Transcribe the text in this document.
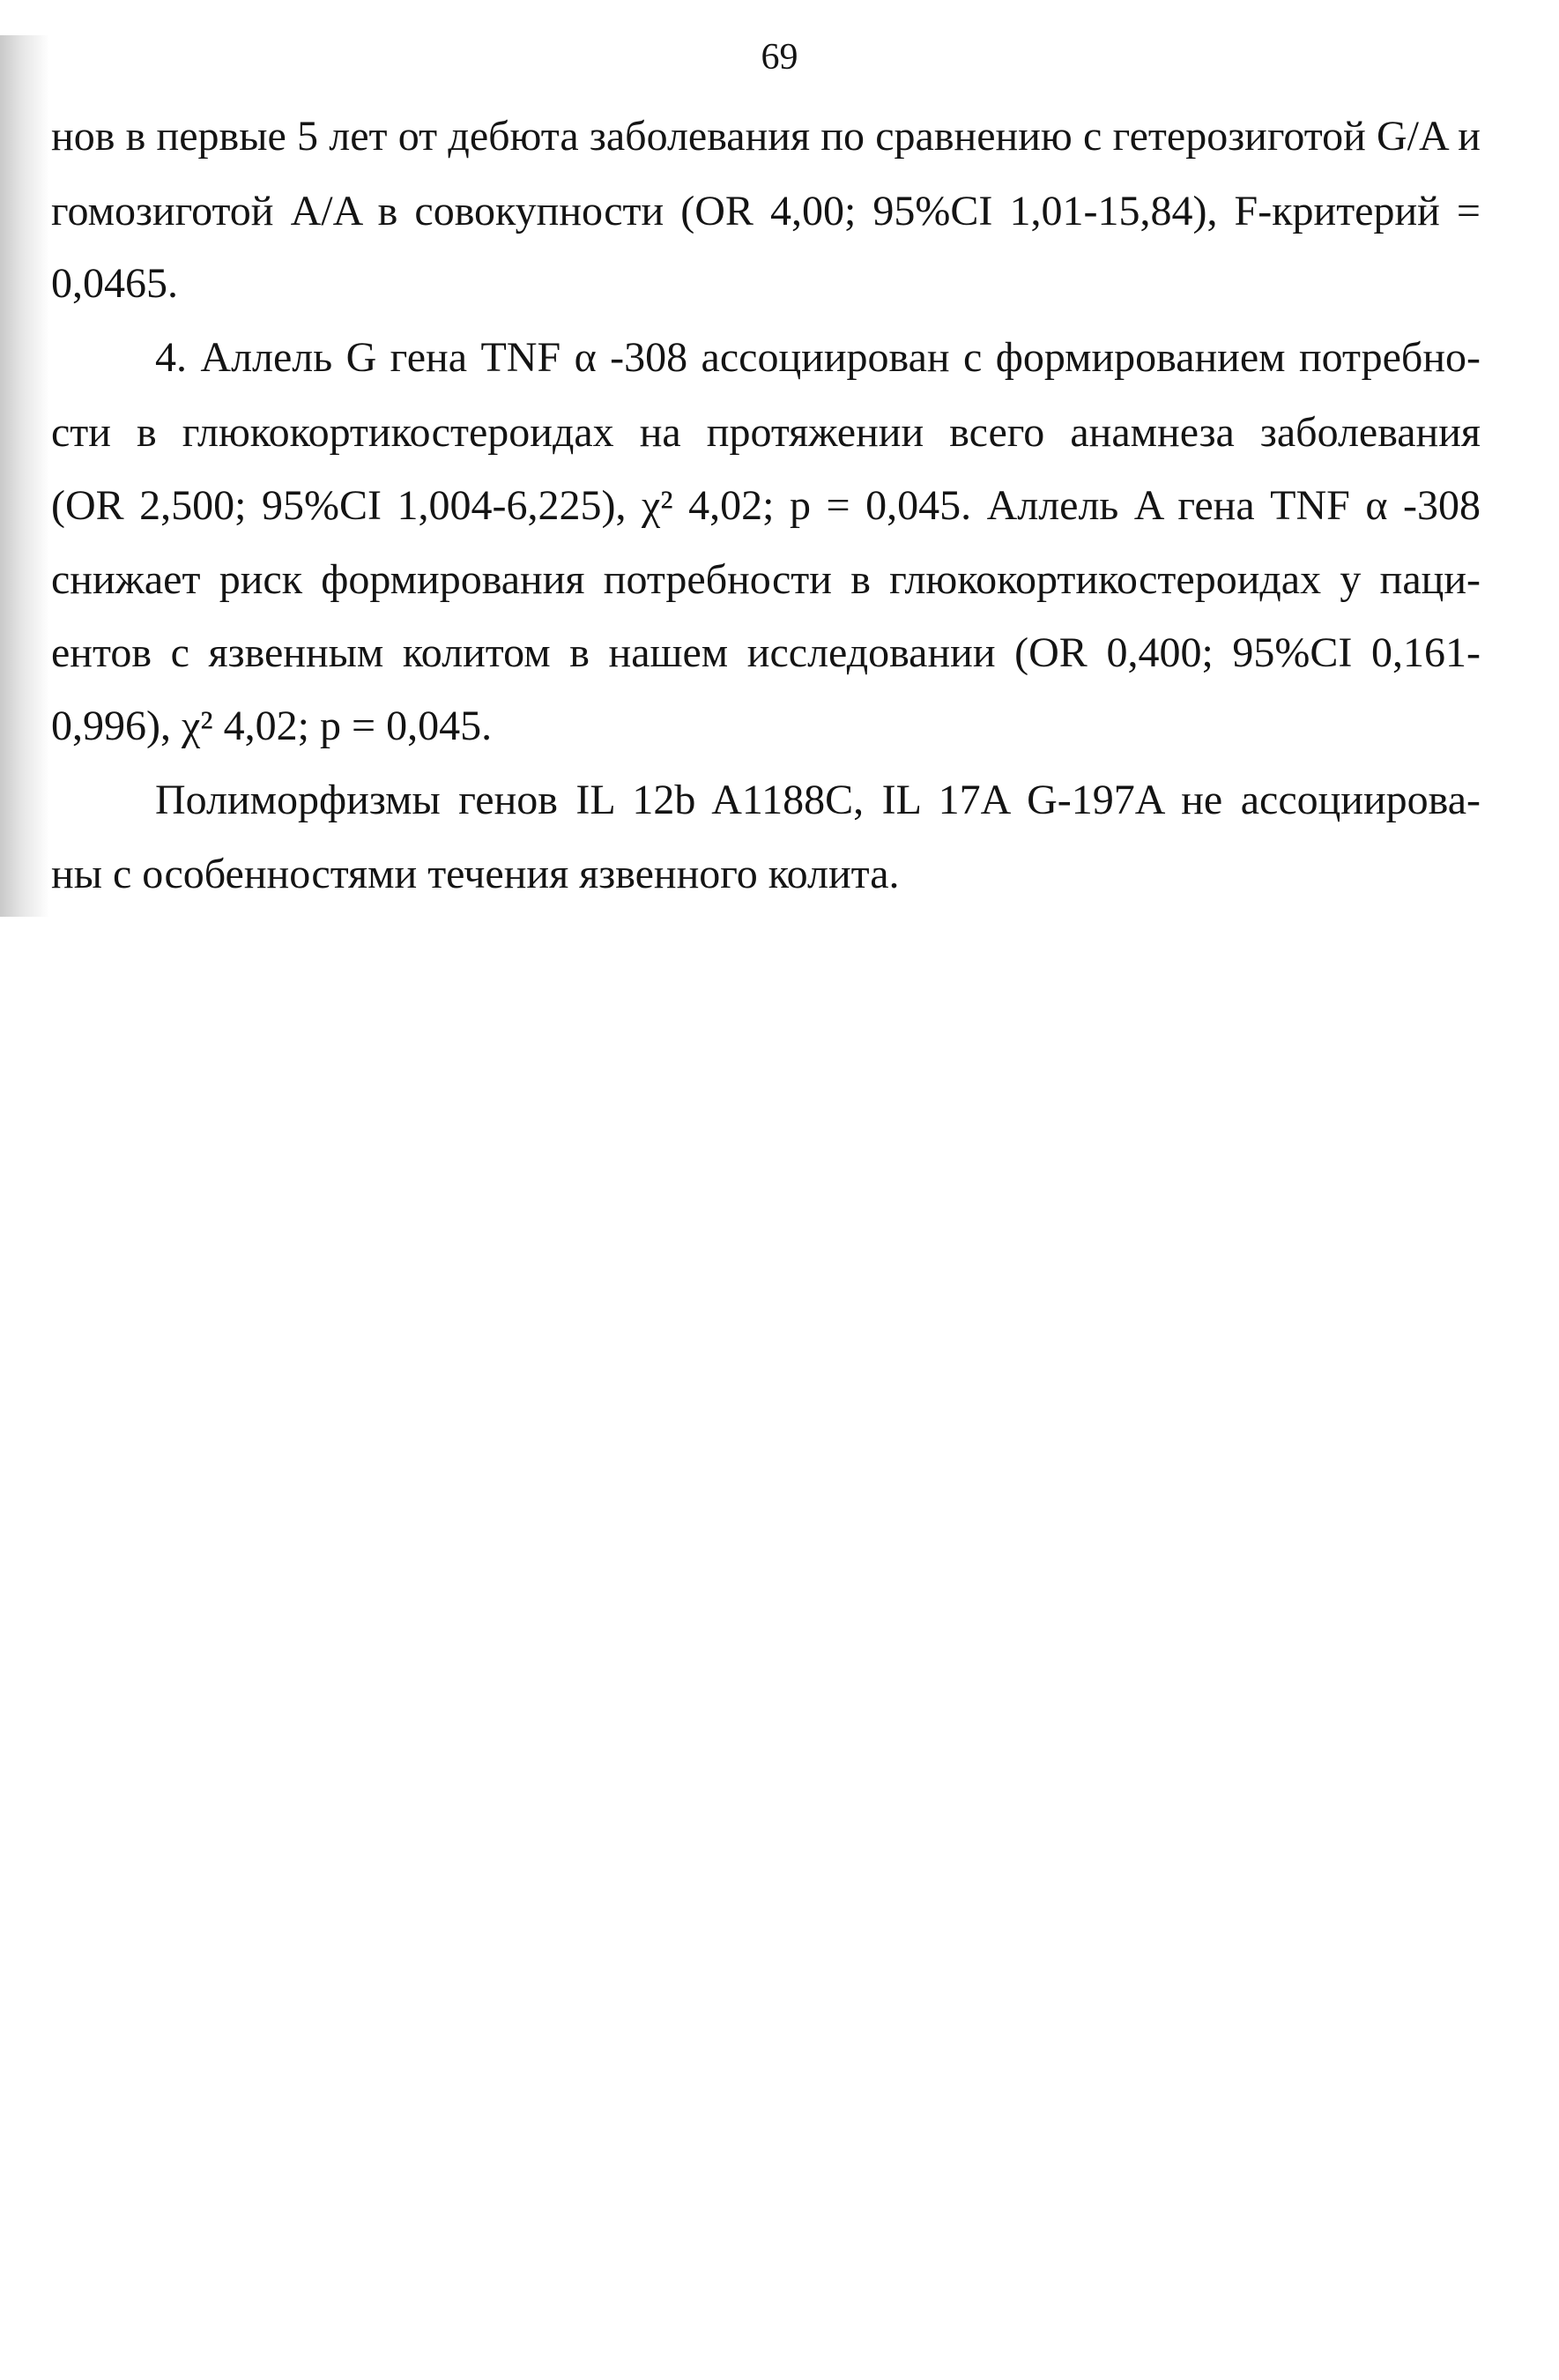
69
нов в первые 5 лет от дебюта заболевания по сравнению с гетерозиготой G/A и
гомозиготой A/A в совокупности (OR 4,00; 95%CI 1,01-15,84), F-критерий =
0,0465.
4. Аллель G гена TNF α -308 ассоциирован с формированием потребно-
сти в глюкокортикостероидах на протяжении всего анамнеза заболевания
(OR 2,500; 95%CI 1,004-6,225), χ² 4,02; p = 0,045. Аллель A гена TNF α -308
снижает риск формирования потребности в глюкокортикостероидах у паци-
ентов с язвенным колитом в нашем исследовании (OR 0,400; 95%CI 0,161-
0,996), χ² 4,02; p = 0,045.
Полиморфизмы генов IL 12b A1188C, IL 17A G-197A не ассоциирова-
ны с особенностями течения язвенного колита.
